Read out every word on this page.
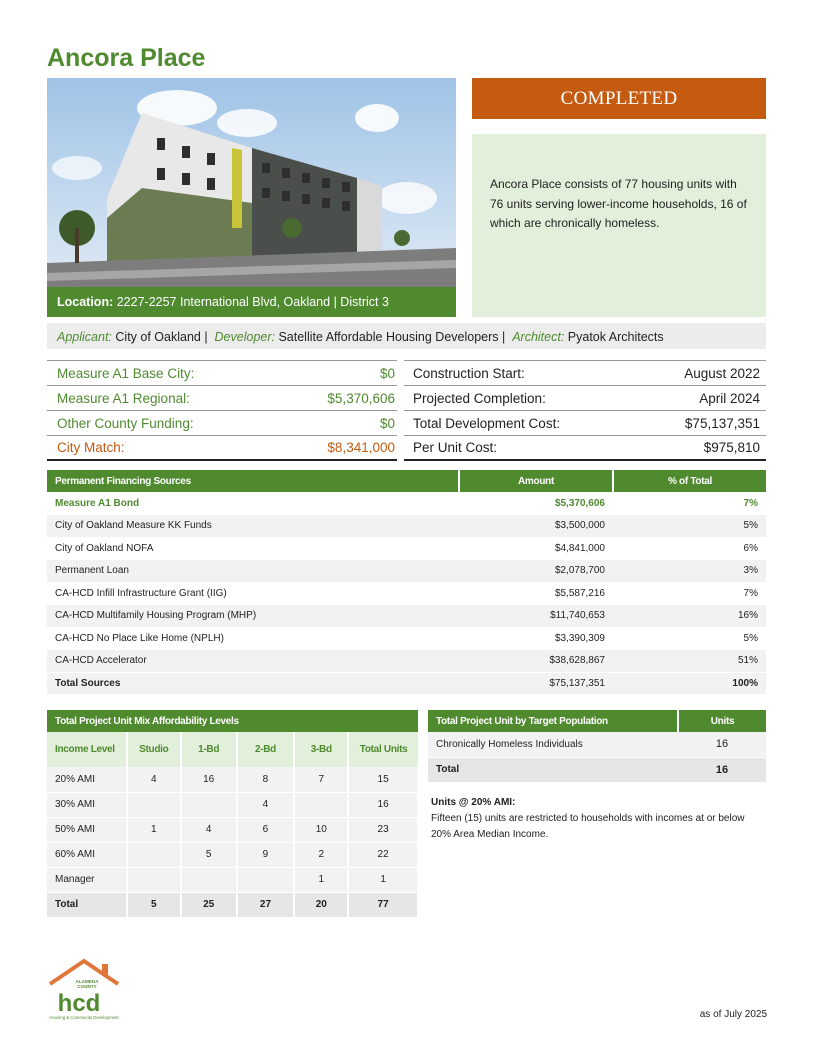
Ancora Place
Location: 2227-2257 International Blvd, Oakland | District 3
COMPLETED
Ancora Place consists of 77 housing units with 76 units serving lower-income households, 16 of which are chronically homeless.
Applicant: City of Oakland |  Developer: Satellite Affordable Housing Developers |  Architect: Pyatok Architects
Measure A1 Base City:	$0
Measure A1 Regional:	$5,370,606
Other County Funding:	$0
City Match:	$8,341,000
Construction Start:	August 2022
Projected Completion:	April 2024
Total Development Cost:	$75,137,351
Per Unit Cost:	$975,810
Permanent Financing Sources	Amount	% of Total
Measure A1 Bond	$5,370,606	7%
City of Oakland Measure KK Funds	$3,500,000	5%
City of Oakland NOFA	$4,841,000	6%
Permanent Loan	$2,078,700	3%
CA-HCD Infill Infrastructure Grant (IIG)	$5,587,216	7%
CA-HCD Multifamily Housing Program (MHP)	$11,740,653	16%
CA-HCD No Place Like Home (NPLH)	$3,390,309	5%
CA-HCD Accelerator	$38,628,867	51%
Total Sources	$75,137,351	100%
Total Project Unit Mix Affordability Levels					
Income Level	Studio	1-Bd	2-Bd	3-Bd	Total Units
20% AMI	4	16	8	7	15
30% AMI			4		16
50% AMI	1	4	6	10	23
60% AMI		5	9	2	22
Manager				1	1
Total	5	25	27	20	77
Total Project Unit by Target Population	Units
Chronically Homeless Individuals	16
Total	16
Units @ 20% AMI:
Fifteen (15) units are restricted to households with incomes at or below 20% Area Median Income.
ALAMEDA
COUNTY
hcd
Housing & Community Development	as of July 2025
